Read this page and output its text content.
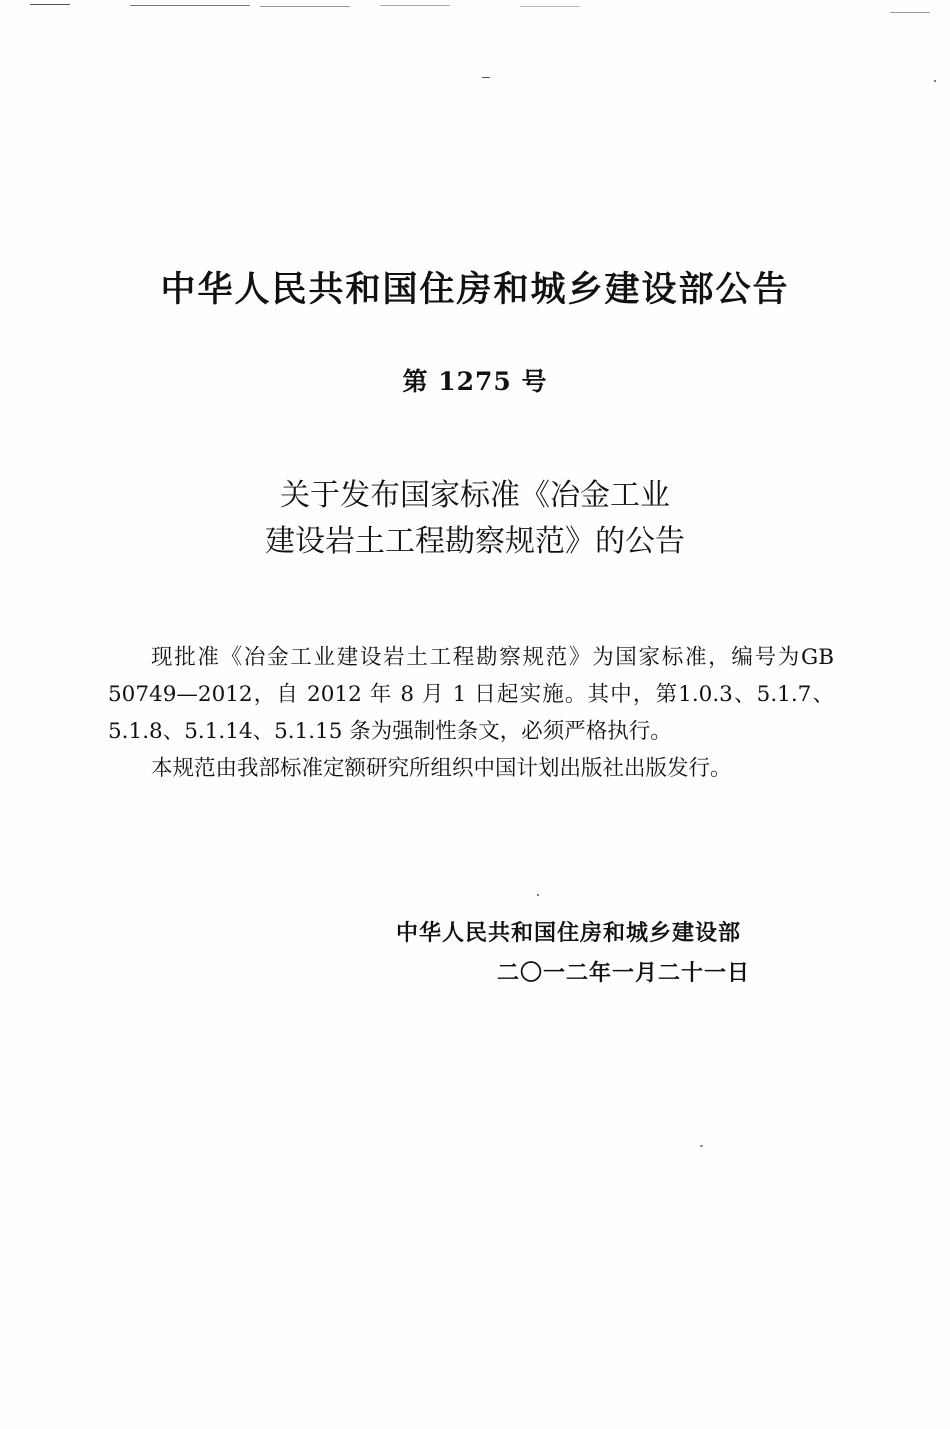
中华人民共和国住房和城乡建设部公告
第 1275 号
关于发布国家标准《冶金工业
建设岩土工程勘察规范》的公告

现批准《冶金工业建设岩土工程勘察规范》为国家标准，编号为GB 50749—2012，自 2012 年 8 月 1 日起实施。其中，第1.0.3、5.1.7、5.1.8、5.1.14、5.1.15 条为强制性条文，必须严格执行。

本规范由我部标准定额研究所组织中国计划出版社出版发行。

中华人民共和国住房和城乡建设部
二〇一二年一月二十一日
